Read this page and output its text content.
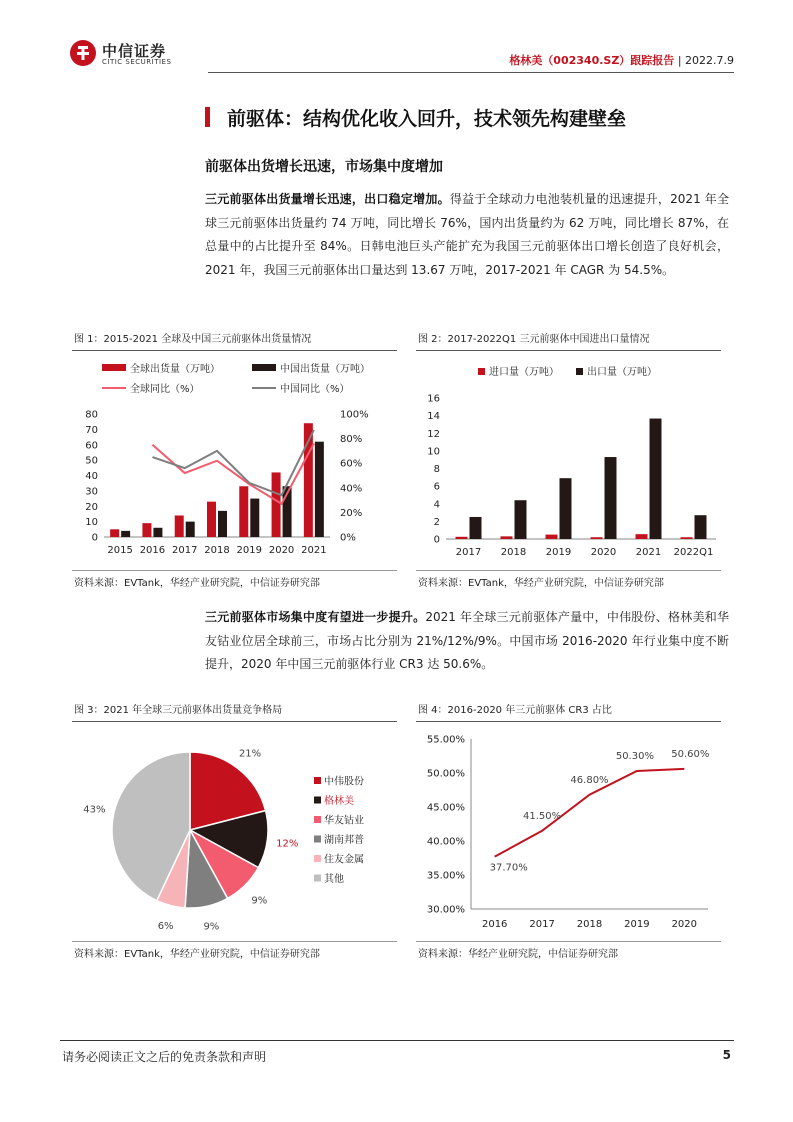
中信证券
CITIC SECURITIES	格林美（002340.SZ）跟踪报告 | 2022.7.9
前驱体：结构优化收入回升，技术领先构建壁垒
前驱体出货增长迅速，市场集中度增加
三元前驱体出货量增长迅速，出口稳定增加。得益于全球动力电池装机量的迅速提升，2021 年全球三元前驱体出货量约 74 万吨，同比增长 76%，国内出货量约为 62 万吨，同比增长 87%，在总量中的占比提升至 84%。日韩电池巨头产能扩充为我国三元前驱体出口增长创造了良好机会，2021 年，我国三元前驱体出口量达到 13.67 万吨，2017-2021 年 CAGR 为 54.5%。
图 1：2015-2021 全球及中国三元前驱体出货量情况
全球出货量（万吨）	中国出货量（万吨）
全球同比（%）	中国同比（%）
0
10
20
30
40
50
60
70
80
0%
20%
40%
60%
80%
100%
2015 2016 2017 2018 2019 2020 2021
资料来源：EVTank，华经产业研究院，中信证券研究部
图 2：2017-2022Q1 三元前驱体中国进出口量情况
进口量（万吨）	出口量（万吨）
0
2
4
6
8
10
12
14
16
2017 2018 2019 2020 2021 2022Q1
资料来源：EVTank，华经产业研究院，中信证券研究部
三元前驱体市场集中度有望进一步提升。2021 年全球三元前驱体产量中，中伟股份、格林美和华友钴业位居全球前三，市场占比分别为 21%/12%/9%。中国市场 2016-2020 年行业集中度不断提升，2020 年中国三元前驱体行业 CR3 达 50.6%。
图 3：2021 年全球三元前驱体出货量竞争格局
21%
12%
9%
9%
6%
43%
中伟股份
格林美
华友钴业
湖南邦普
住友金属
其他
资料来源：EVTank，华经产业研究院，中信证券研究部
图 4：2016-2020 年三元前驱体 CR3 占比
30.00%
35.00%
40.00%
45.00%
50.00%
55.00%
2016 2017 2018 2019 2020
37.70%
41.50%
46.80%
50.30% 50.60%
资料来源：华经产业研究院，中信证券研究部
请务必阅读正文之后的免责条款和声明	5
